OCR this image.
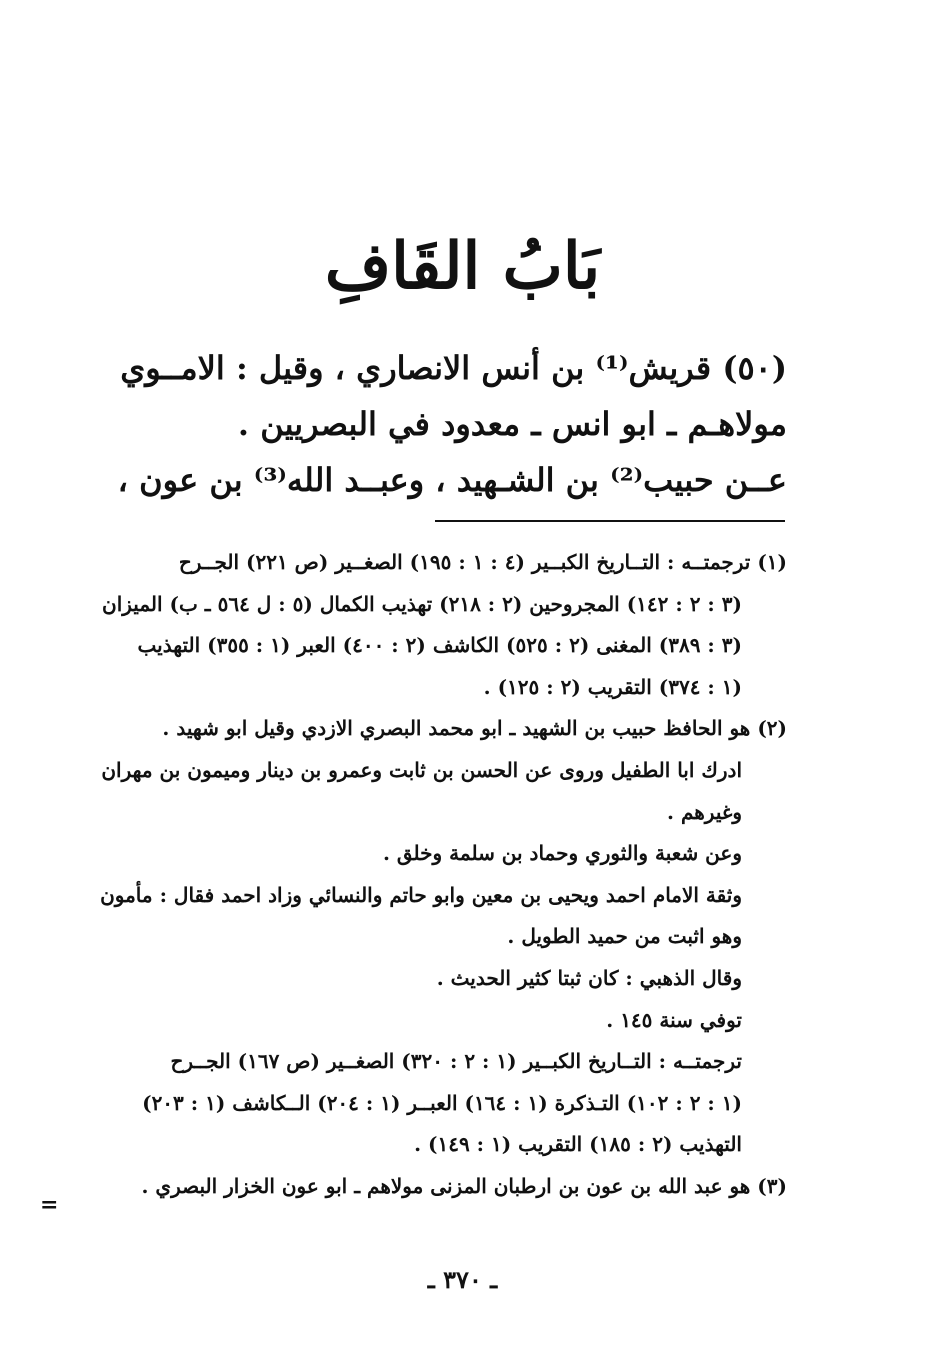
بَابُ القَافِ
(٥٠) قريش⁽¹⁾ بن أنس الانصاري ، وقيل : الامــوي
مولاهـم ـ ابو انس ـ معدود في البصريين .
عــن حبيب⁽²⁾ بن الشـهيد ، وعبــد الله⁽³⁾ بن عون ،
(١) ترجمتــه : التــاريخ الكبــير (٤ : ١ : ١٩٥) الصغــير (ص ٢٢١) الجــرح
(٣ : ٢ : ١٤٢) المجروحين (٢ : ٢١٨) تهذيب الكمال (٥ : ل ٥٦٤ ـ ب) الميزان
(٣ : ٣٨٩) المغنى (٢ : ٥٢٥) الكاشف (٢ : ٤٠٠) العبر (١ : ٣٥٥) التهذيب
(١ : ٣٧٤) التقريب (٢ : ١٢٥) .
(٢) هو الحافظ حبيب بن الشهيد ـ ابو محمد البصري الازدي وقيل ابو شهيد .
ادرك ابا الطفيل وروى عن الحسن بن ثابت وعمرو بن دينار وميمون بن مهران
وغيرهم .
وعن شعبة والثوري وحماد بن سلمة وخلق .
وثقة الامام احمد ويحيى بن معين وابو حاتم والنسائي وزاد احمد فقال : مأمون
وهو اثبت من حميد الطويل .
وقال الذهبي : كان ثبتا كثير الحديث .
توفي سنة ١٤٥ .
ترجمتــه : التــاريخ الكبــير (١ : ٢ : ٣٢٠) الصغــير (ص ١٦٧) الجــرح
(١ : ٢ : ١٠٢) التـذكرة (١ : ١٦٤) العبــر (١ : ٢٠٤) الــكاشف (١ : ٢٠٣)
التهذيب (٢ : ١٨٥) التقريب (١ : ١٤٩) .
(٣) هو عبد الله بن عون بن ارطبان المزنى مولاهم ـ ابو عون الخزار البصري .
=
ـ ٣٧٠ ـ
